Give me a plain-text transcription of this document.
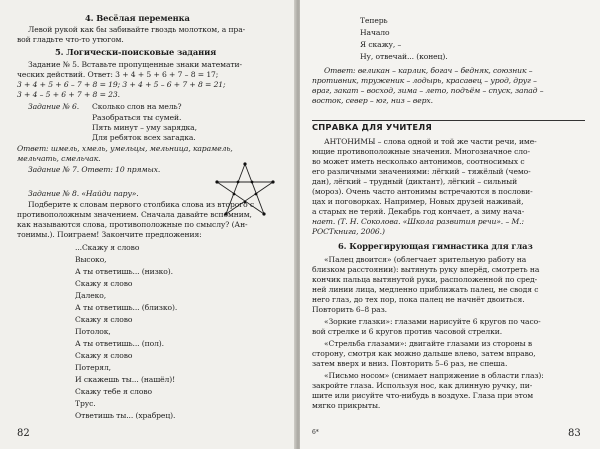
4. Весёлая переменка
Левой рукой как бы забивайте гвоздь молотком, а пра-
вой гладьте что-то утюгом.
5. Логически-поисковые задания
Задание № 5. Вставьте пропущенные знаки математи-
ческих действий. Ответ: 3 + 4 + 5 + 6 + 7 – 8 = 17;
3 + 4 + 5 + 6 – 7 + 8 = 19; 3 + 4 + 5 – 6 + 7 + 8 = 21;
3 + 4 – 5 + 6 + 7 + 8 = 23.
Задание № 6. Сколько слов на мель?
Разобраться ты сумей.
Пять минут – уму зарядка,
Для ребяток всех загадка.
Ответ: шмель, хмель, умельцы, мельница, карамель,
мельчать, смельчак.
Задание № 7. Ответ: 10 прямых.
Задание № 8. «Найди пару».
Подберите к словам первого столбика слова из второго с
противоположным значением. Сначала давайте вспомним,
как называются слова, противоположные по смыслу? (Ан-
тонимы.). Поиграем! Закончите предложения:
...Скажу я слово
Высоко,
А ты ответишь... (низко).
Скажу я слово
Далеко,
А ты ответишь... (близко).
Скажу я слово
Потолок,
А ты ответишь... (пол).
Скажу я слово
Потерял,
И скажешь ты... (нашёл)!
Скажу тебе я слово
Трус.
Ответишь ты... (храбрец).
82
Теперь
Начало
Я скажу, –
Ну, отвечай... (конец).
Ответ: великан – карлик, богач – бедняк, союзник –
противник, труженик – лодырь, красавец – урод, друг –
враг, закат – восход, зима – лето, подъём – спуск, запад –
восток, север – юг, низ – верх.
СПРАВКА ДЛЯ УЧИТЕЛЯ
АНТОНИМЫ – слова одной и той же части речи, име-
ющие противоположные значения. Многозначное сло-
во может иметь несколько антонимов, соотносимых с
его различными значениями: лёгкий – тяжёлый (чемо-
дан), лёгкий – трудный (диктант), лёгкий – сильный
(мороз). Очень часто антонимы встречаются в послови-
цах и поговорках. Например, Новых друзей наживай,
а старых не теряй. Декабрь год кончает, а зиму нача-
нает. (Т. Н. Соколова. «Школа развития речи». – М.:
РОСТкнига, 2006.)
6. Коррегирующая гимнастика для глаз
«Палец двоится» (облегчает зрительную работу на
близком расстоянии): вытянуть руку вперёд, смотреть на
кончик пальца вытянутой руки, расположенной по сред-
ней линии лица, медленно приближать палец, не сводя с
него глаз, до тех пор, пока палец не начнёт двоиться.
Повторить 6–8 раз.
«Зоркие глазки»: глазами нарисуйте 6 кругов по часо-
вой стрелке и 6 кругов против часовой стрелки.
«Стрельба глазами»: двигайте глазами из стороны в
сторону, смотря как можно дальше влево, затем вправо,
затем вверх и вниз. Повторить 5–6 раз, не спеша.
«Письмо носом» (снимает напряжение в области глаз):
закройте глаза. Используя нос, как длинную ручку, пи-
шите или рисуйте что-нибудь в воздухе. Глаза при этом
мягко прикрыты.
6*	83
